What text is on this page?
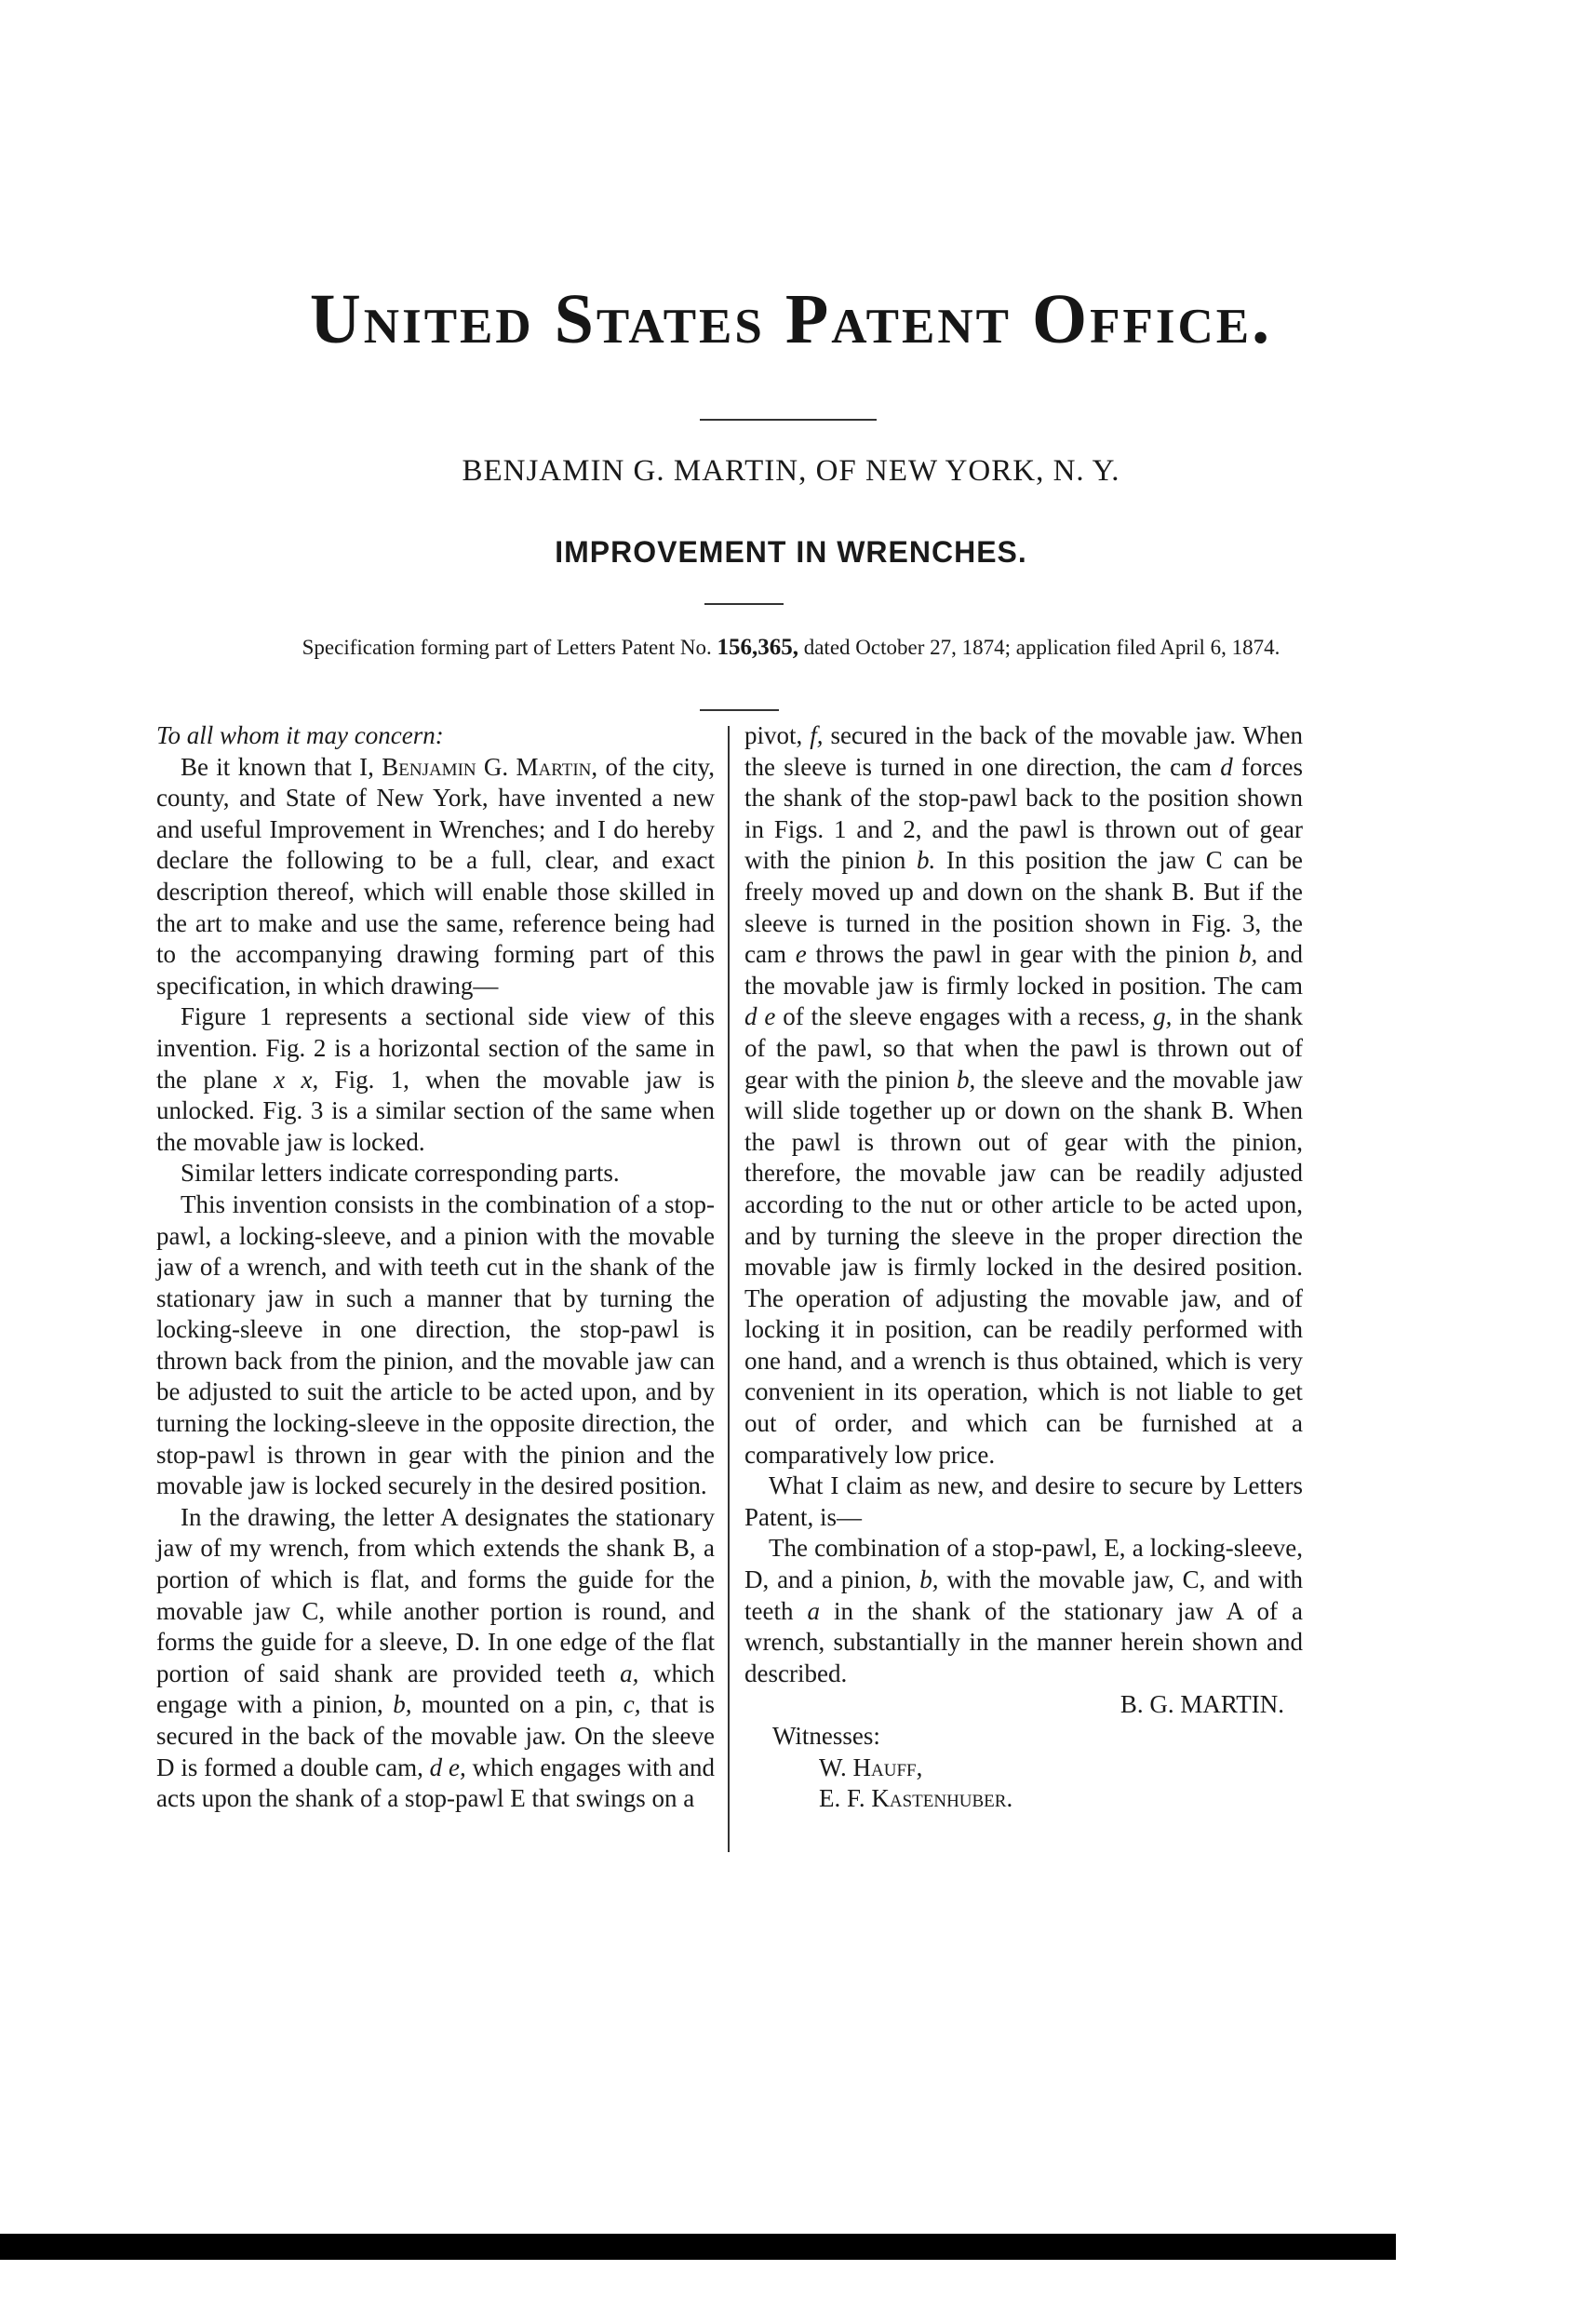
United States Patent Office.
BENJAMIN G. MARTIN, OF NEW YORK, N. Y.
IMPROVEMENT IN WRENCHES.
Specification forming part of Letters Patent No. 156,365, dated October 27, 1874; application filed April 6, 1874.

To all whom it may concern:

Be it known that I, Benjamin G. Martin, of the city, county, and State of New York, have invented a new and useful Improvement in Wrenches; and I do hereby declare the following to be a full, clear, and exact description thereof, which will enable those skilled in the art to make and use the same, reference being had to the accompanying drawing forming part of this specification, in which drawing—

Figure 1 represents a sectional side view of this invention. Fig. 2 is a horizontal section of the same in the plane x x, Fig. 1, when the movable jaw is unlocked. Fig. 3 is a similar section of the same when the movable jaw is locked.

Similar letters indicate corresponding parts.

This invention consists in the combination of a stop-pawl, a locking-sleeve, and a pinion with the movable jaw of a wrench, and with teeth cut in the shank of the stationary jaw in such a manner that by turning the locking-sleeve in one direction, the stop-pawl is thrown back from the pinion, and the movable jaw can be adjusted to suit the article to be acted upon, and by turning the locking-sleeve in the opposite direction, the stop-pawl is thrown in gear with the pinion and the movable jaw is locked securely in the desired position.

In the drawing, the letter A designates the stationary jaw of my wrench, from which extends the shank B, a portion of which is flat, and forms the guide for the movable jaw C, while another portion is round, and forms the guide for a sleeve, D. In one edge of the flat portion of said shank are provided teeth a, which engage with a pinion, b, mounted on a pin, c, that is secured in the back of the movable jaw. On the sleeve D is formed a double cam, d e, which engages with and acts upon the shank of a stop-pawl E that swings on a

pivot, f, secured in the back of the movable jaw. When the sleeve is turned in one direction, the cam d forces the shank of the stop-pawl back to the position shown in Figs. 1 and 2, and the pawl is thrown out of gear with the pinion b. In this position the jaw C can be freely moved up and down on the shank B. But if the sleeve is turned in the position shown in Fig. 3, the cam e throws the pawl in gear with the pinion b, and the movable jaw is firmly locked in position. The cam d e of the sleeve engages with a recess, g, in the shank of the pawl, so that when the pawl is thrown out of gear with the pinion b, the sleeve and the movable jaw will slide together up or down on the shank B. When the pawl is thrown out of gear with the pinion, therefore, the movable jaw can be readily adjusted according to the nut or other article to be acted upon, and by turning the sleeve in the proper direction the movable jaw is firmly locked in the desired position. The operation of adjusting the movable jaw, and of locking it in position, can be readily performed with one hand, and a wrench is thus obtained, which is very convenient in its operation, which is not liable to get out of order, and which can be furnished at a comparatively low price.

What I claim as new, and desire to secure by Letters Patent, is—

The combination of a stop-pawl, E, a locking-sleeve, D, and a pinion, b, with the movable jaw, C, and with teeth a in the shank of the stationary jaw A of a wrench, substantially in the manner herein shown and described.

B. G. MARTIN.

Witnesses:

W. Hauff,

E. F. Kastenhuber.
